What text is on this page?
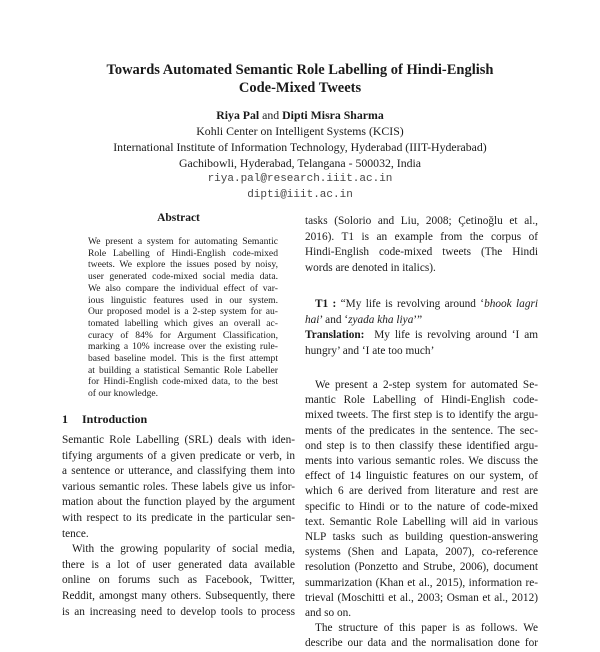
Towards Automated Semantic Role Labelling of Hindi-English
Code-Mixed Tweets
Riya Pal and Dipti Misra Sharma
Kohli Center on Intelligent Systems (KCIS)
International Institute of Information Technology, Hyderabad (IIIT-Hyderabad)
Gachibowli, Hyderabad, Telangana - 500032, India
riya.pal@research.iiit.ac.in
dipti@iiit.ac.in
Abstract
We present a system for automating Semantic
Role Labelling of Hindi-English code-mixed
tweets. We explore the issues posed by noisy,
user generated code-mixed social media data.
We also compare the individual effect of var-
ious linguistic features used in our system.
Our proposed model is a 2-step system for au-
tomated labelling which gives an overall ac-
curacy of 84% for Argument Classification,
marking a 10% increase over the existing rule-
based baseline model. This is the first attempt
at building a statistical Semantic Role Labeller
for Hindi-English code-mixed data, to the best
of our knowledge.
1 Introduction
Semantic Role Labelling (SRL) deals with iden-
tifying arguments of a given predicate or verb, in
a sentence or utterance, and classifying them into
various semantic roles. These labels give us infor-
mation about the function played by the argument
with respect to its predicate in the particular sen-
tence.
With the growing popularity of social media,
there is a lot of user generated data available
online on forums such as Facebook, Twitter,
Reddit, amongst many others. Subsequently, there
is an increasing need to develop tools to process
tasks (Solorio and Liu, 2008; Çetinoğlu et al.,
2016). T1 is an example from the corpus of
Hindi-English code-mixed tweets (The Hindi
words are denoted in italics).
T1 : “My life is revolving around ‘bhook lagri
hai’ and ‘zyada kha liya’”
Translation: My life is revolving around ‘I am
hungry’ and ‘I ate too much’
We present a 2-step system for automated Se-
mantic Role Labelling of Hindi-English code-
mixed tweets. The first step is to identify the argu-
ments of the predicates in the sentence. The sec-
ond step is to then classify these identified argu-
ments into various semantic roles. We discuss the
effect of 14 linguistic features on our system, of
which 6 are derived from literature and rest are
specific to Hindi or to the nature of code-mixed
text. Semantic Role Labelling will aid in various
NLP tasks such as building question-answering
systems (Shen and Lapata, 2007), co-reference
resolution (Ponzetto and Strube, 2006), document
summarization (Khan et al., 2015), information re-
trieval (Moschitti et al., 2003; Osman et al., 2012)
and so on.
The structure of this paper is as follows. We
describe our data and the normalisation done for
